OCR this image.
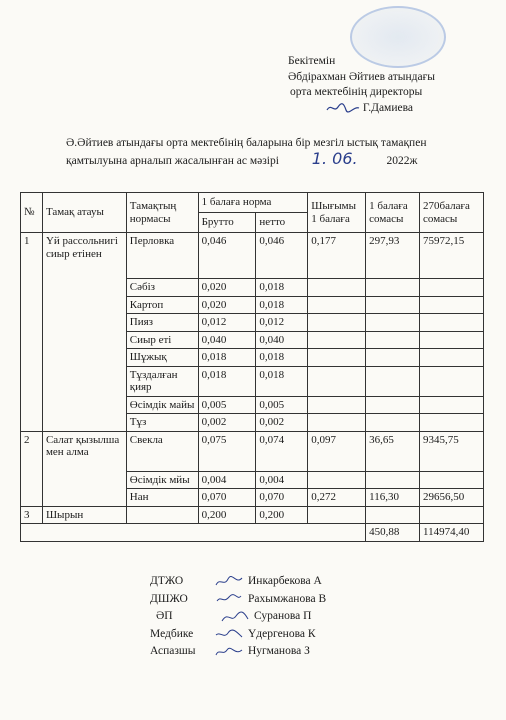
Бекітемін
Әбдірахман Әйтиев атындағы
орта мектебінің директоры
Г.Дамиева
Ә.Әйтиев атындағы орта мектебінің баларына бір мезгіл ыстық тамақпен
қамтылуына арналып жасалынған ас мәзірі 1. 06.	2022ж
№	Тамақ атауы	Тамақтың нормасы	1 балаға норма		Шығымы 1 балаға	1 балаға сомасы	270балаға сомасы
			Брутто	нетто			
1	Үй рассольнигі сиыр етінен	Перловка	0,046	0,046	0,177	297,93	75972,15
		Сәбіз	0,020	0,018			
		Картоп	0,020	0,018			
		Пияз	0,012	0,012			
		Сиыр еті	0,040	0,040			
		Шұжық	0,018	0,018			
		Тұздалған қияр	0,018	0,018			
		Өсімдік майы	0,005	0,005			
		Тұз	0,002	0,002			
2	Салат қызылша мен алма	Свекла	0,075	0,074	0,097	36,65	9345,75
		Өсімдік мйы	0,004	0,004			
		Нан	0,070	0,070	0,272	116,30	29656,50
3	Шырын		0,200	0,200			
						450,88	114974,40
ДТЖО	Инкарбекова А
ДШЖО	Рахымжанова В
ӘП	Суранова П
Медбике	Үдергенова К
Аспазшы	Нугманова З
